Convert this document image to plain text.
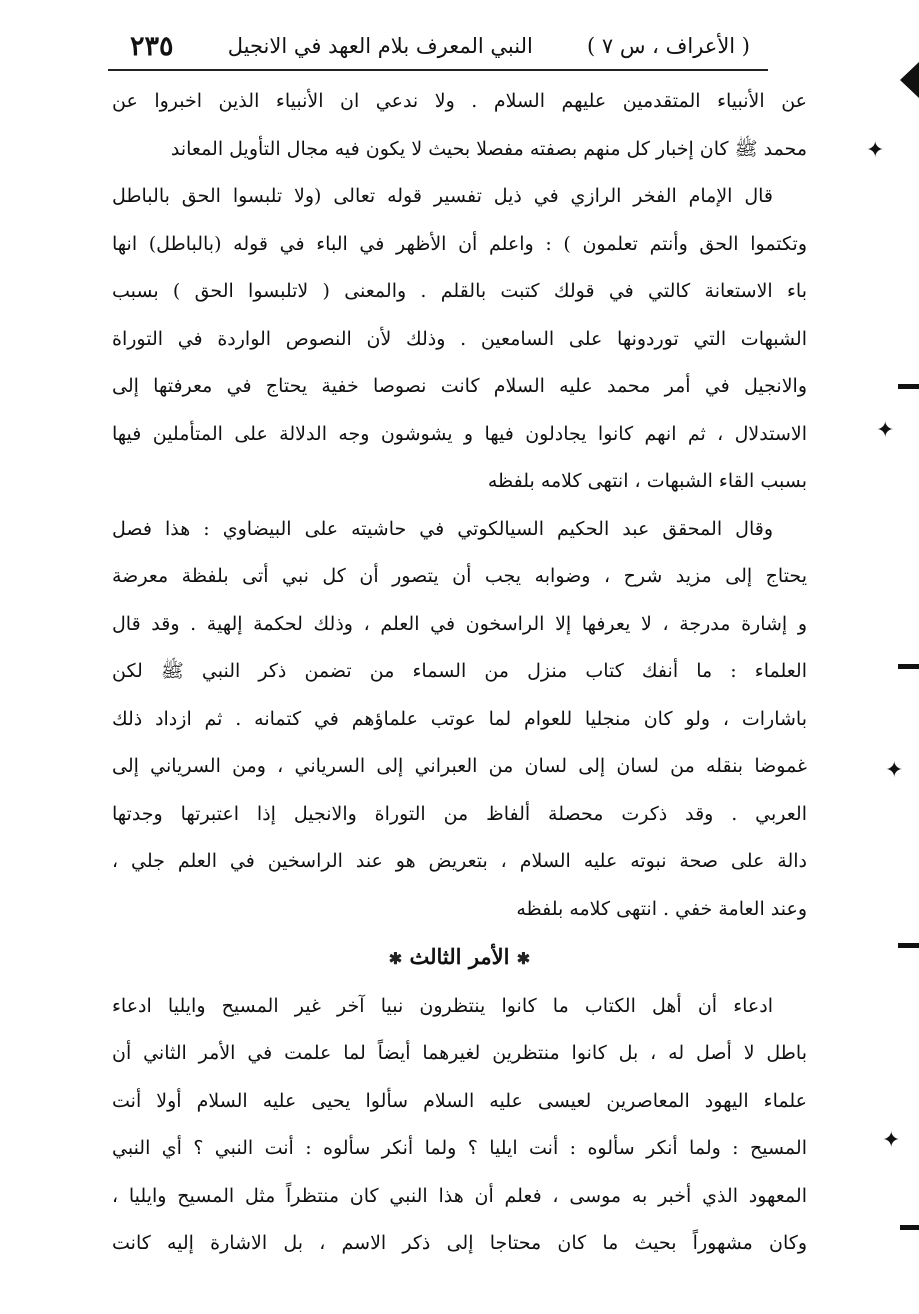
( الأعراف ، س ٧ )
النبي المعرف بلام العهد في الانجيل
٢٣٥
عن الأنبياء المتقدمين عليهم السلام . ولا ندعي ان الأنبياء الذين اخبروا عن
محمد ﷺ كان إخبار كل منهم بصفته مفصلا بحيث لا يكون فيه مجال التأويل المعاند
قال الإمام الفخر الرازي في ذيل تفسير قوله تعالى (ولا تلبسوا الحق بالباطل
وتكتموا الحق وأنتم تعلمون ) : واعلم أن الأظهر في الباء في قوله (بالباطل) انها
باء الاستعانة كالتي في قولك كتبت بالقلم . والمعنى ( لاتلبسوا الحق ) بسبب
الشبهات التي توردونها على السامعين . وذلك لأن النصوص الواردة في التوراة
والانجيل في أمر محمد عليه السلام كانت نصوصا خفية يحتاج في معرفتها إلى
الاستدلال ، ثم انهم كانوا يجادلون فيها و يشوشون وجه الدلالة على المتأملين فيها
بسبب القاء الشبهات ، انتهى كلامه بلفظه
وقال المحقق عبد الحكيم السيالكوتي في حاشيته على البيضاوي : هذا فصل
يحتاج إلى مزيد شرح ، وضوابه يجب أن يتصور أن كل نبي أتى بلفظة معرضة
و إشارة مدرجة ، لا يعرفها إلا الراسخون في العلم ، وذلك لحكمة إلهية . وقد قال
العلماء : ما أنفك كتاب منزل من السماء من تضمن ذكر النبي ﷺ لكن
باشارات ، ولو كان منجليا للعوام لما عوتب علماؤهم في كتمانه . ثم ازداد ذلك
غموضا بنقله من لسان إلى لسان من العبراني إلى السرياني ، ومن السرياني إلى
العربي . وقد ذكرت محصلة ألفاظ من التوراة والانجيل إذا اعتبرتها وجدتها
دالة على صحة نبوته عليه السلام ، بتعريض هو عند الراسخين في العلم جلي ،
وعند العامة خفي . انتهى كلامه بلفظه
✱ الأمر الثالث ✱
ادعاء أن أهل الكتاب ما كانوا ينتظرون نبيا آخر غير المسيح وايليا ادعاء
باطل لا أصل له ، بل كانوا منتظرين لغيرهما أيضاً لما علمت في الأمر الثاني أن
علماء اليهود المعاصرين لعيسى عليه السلام سألوا يحيى عليه السلام أولا أنت
المسيح : ولما أنكر سألوه : أنت ايليا ؟ ولما أنكر سألوه : أنت النبي ؟ أي النبي
المعهود الذي أخبر به موسى ، فعلم أن هذا النبي كان منتظراً مثل المسيح وايليا ،
وكان مشهوراً بحيث ما كان محتاجا إلى ذكر الاسم ، بل الاشارة إليه كانت
✦
✦
✦
✦
